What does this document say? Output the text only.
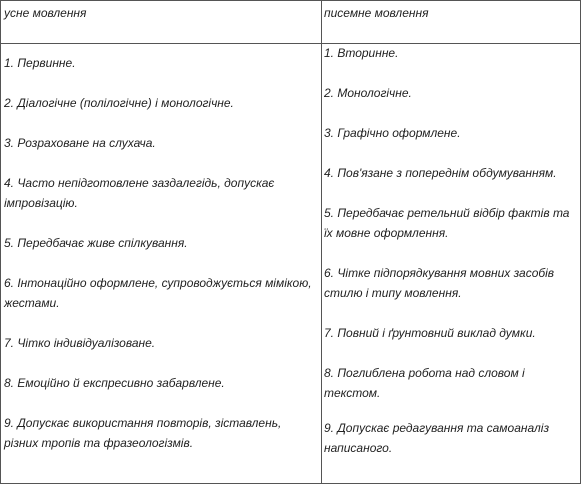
усне мовлення	писемне мовлення
1. Первинне.
2. Діалогічне (полілогічне) і монологічне.
3. Розраховане на слухача.
4. Часто непідготовлене заздалегідь, допускає імпровізацію.
5. Передбачає живе спілкування.
6. Інтонаційно оформлене, супроводжується мімікою, жестами.
7. Чітко індивідуалізоване.
8. Емоційно й експресивно забарвлене.
9. Допускає використання повторів, зіставлень, різних тропів та фразеологізмів.
1. Вторинне.
2. Монологічне.
3. Графічно оформлене.
4. Пов'язане з попереднім обдумуванням.
5. Передбачає ретельний відбір фактів та їх мовне оформлення.
6. Чітке підпорядкування мовних засобів стилю і типу мовлення.
7. Повний і ґрунтовний виклад думки.
8. Поглиблена робота над словом і текстом.
9. Допускає редагування та самоаналіз написаного.
